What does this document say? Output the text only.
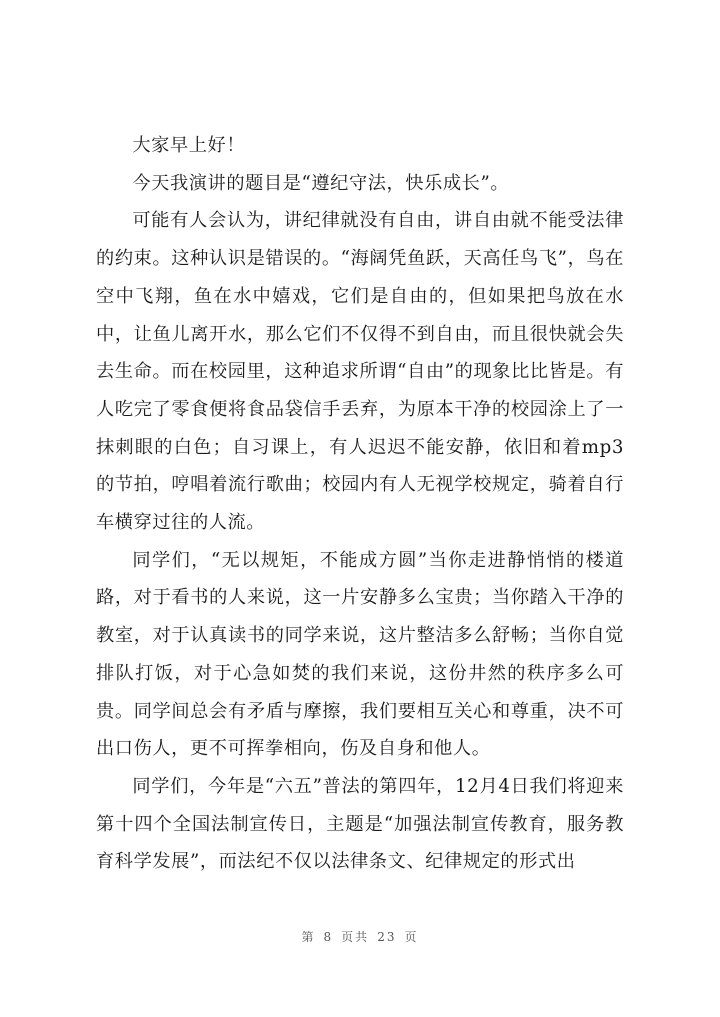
大家早上好！

今天我演讲的题目是“遵纪守法，快乐成长”。

可能有人会认为，讲纪律就没有自由，讲自由就不能受法律的约束。这种认识是错误的。“海阔凭鱼跃，天高任鸟飞”，鸟在空中飞翔，鱼在水中嬉戏，它们是自由的，但如果把鸟放在水中，让鱼儿离开水，那么它们不仅得不到自由，而且很快就会失去生命。而在校园里，这种追求所谓“自由”的现象比比皆是。有人吃完了零食便将食品袋信手丢弃，为原本干净的校园涂上了一抹刺眼的白色；自习课上，有人迟迟不能安静，依旧和着mp3的节拍，哼唱着流行歌曲；校园内有人无视学校规定，骑着自行车横穿过往的人流。

同学们，“无以规矩，不能成方圆”当你走进静悄悄的楼道路，对于看书的人来说，这一片安静多么宝贵；当你踏入干净的教室，对于认真读书的同学来说，这片整洁多么舒畅；当你自觉排队打饭，对于心急如焚的我们来说，这份井然的秩序多么可贵。同学间总会有矛盾与摩擦，我们要相互关心和尊重，决不可出口伤人，更不可挥拳相向，伤及自身和他人。

同学们，今年是“六五”普法的第四年，12月4日我们将迎来第十四个全国法制宣传日，主题是“加强法制宣传教育，服务教育科学发展”，而法纪不仅以法律条文、纪律规定的形式出

第 8 页共 23 页
